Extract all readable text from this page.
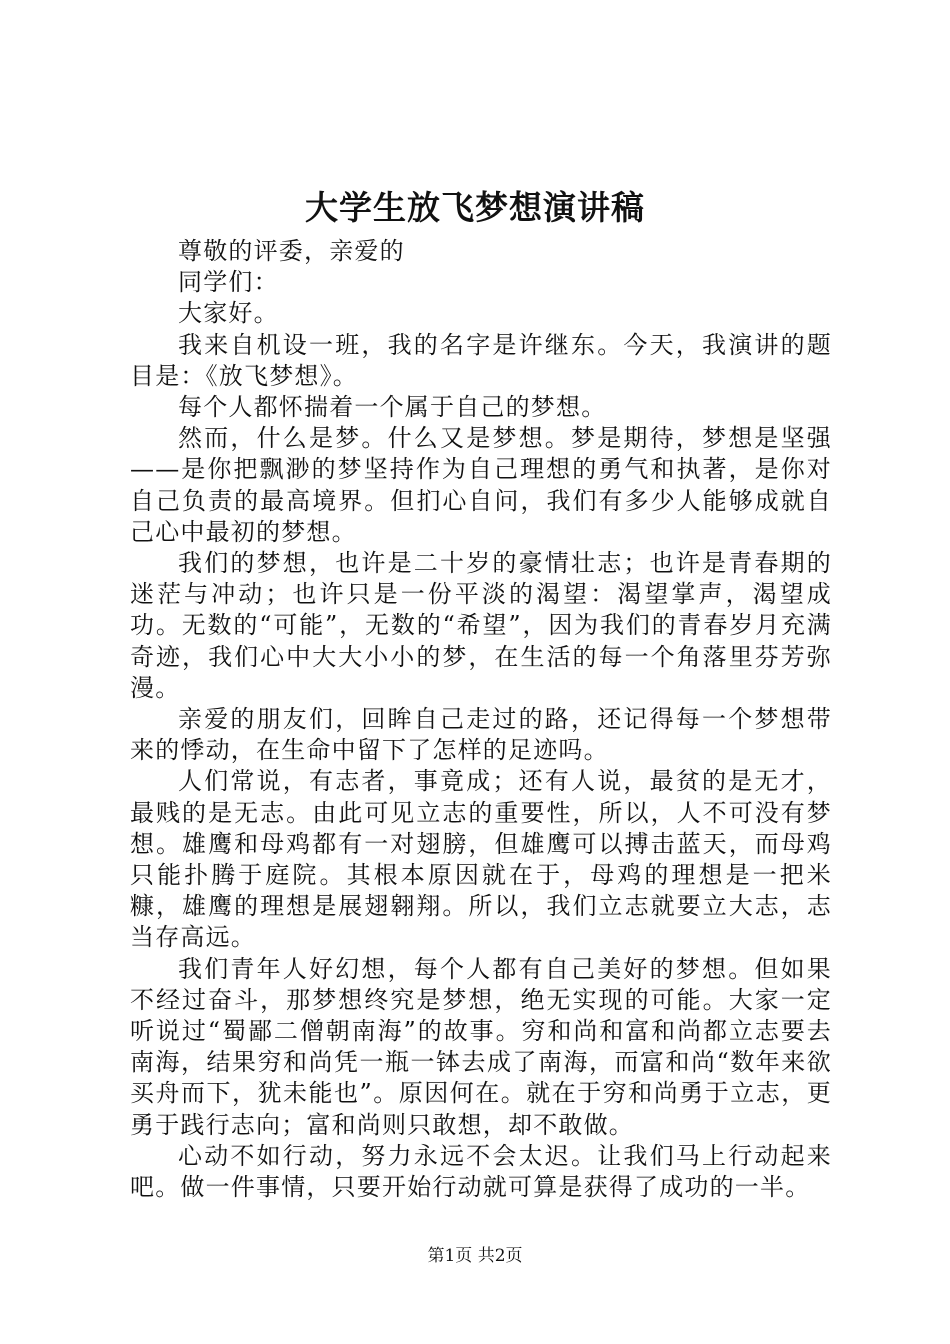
大学生放飞梦想演讲稿

尊敬的评委，亲爱的

同学们：

大家好。

我来自机设一班，我的名字是许继东。今天，我演讲的题目是：《放飞梦想》。

每个人都怀揣着一个属于自己的梦想。

然而，什么是梦。什么又是梦想。梦是期待，梦想是坚强——是你把飘渺的梦坚持作为自己理想的勇气和执著，是你对自己负责的最高境界。但扪心自问，我们有多少人能够成就自己心中最初的梦想。

我们的梦想，也许是二十岁的豪情壮志；也许是青春期的迷茫与冲动；也许只是一份平淡的渴望：渴望掌声，渴望成功。无数的“可能”，无数的“希望”，因为我们的青春岁月充满奇迹，我们心中大大小小的梦，在生活的每一个角落里芬芳弥漫。

亲爱的朋友们，回眸自己走过的路，还记得每一个梦想带来的悸动，在生命中留下了怎样的足迹吗。

人们常说，有志者，事竟成；还有人说，最贫的是无才，最贱的是无志。由此可见立志的重要性，所以，人不可没有梦想。雄鹰和母鸡都有一对翅膀，但雄鹰可以搏击蓝天，而母鸡只能扑腾于庭院。其根本原因就在于，母鸡的理想是一把米糠，雄鹰的理想是展翅翱翔。所以，我们立志就要立大志，志当存高远。

我们青年人好幻想，每个人都有自己美好的梦想。但如果不经过奋斗，那梦想终究是梦想，绝无实现的可能。大家一定听说过“蜀鄙二僧朝南海”的故事。穷和尚和富和尚都立志要去南海，结果穷和尚凭一瓶一钵去成了南海，而富和尚“数年来欲买舟而下，犹未能也”。原因何在。就在于穷和尚勇于立志，更勇于践行志向；富和尚则只敢想，却不敢做。

心动不如行动，努力永远不会太迟。让我们马上行动起来吧。做一件事情，只要开始行动就可算是获得了成功的一半。

第1页 共2页
